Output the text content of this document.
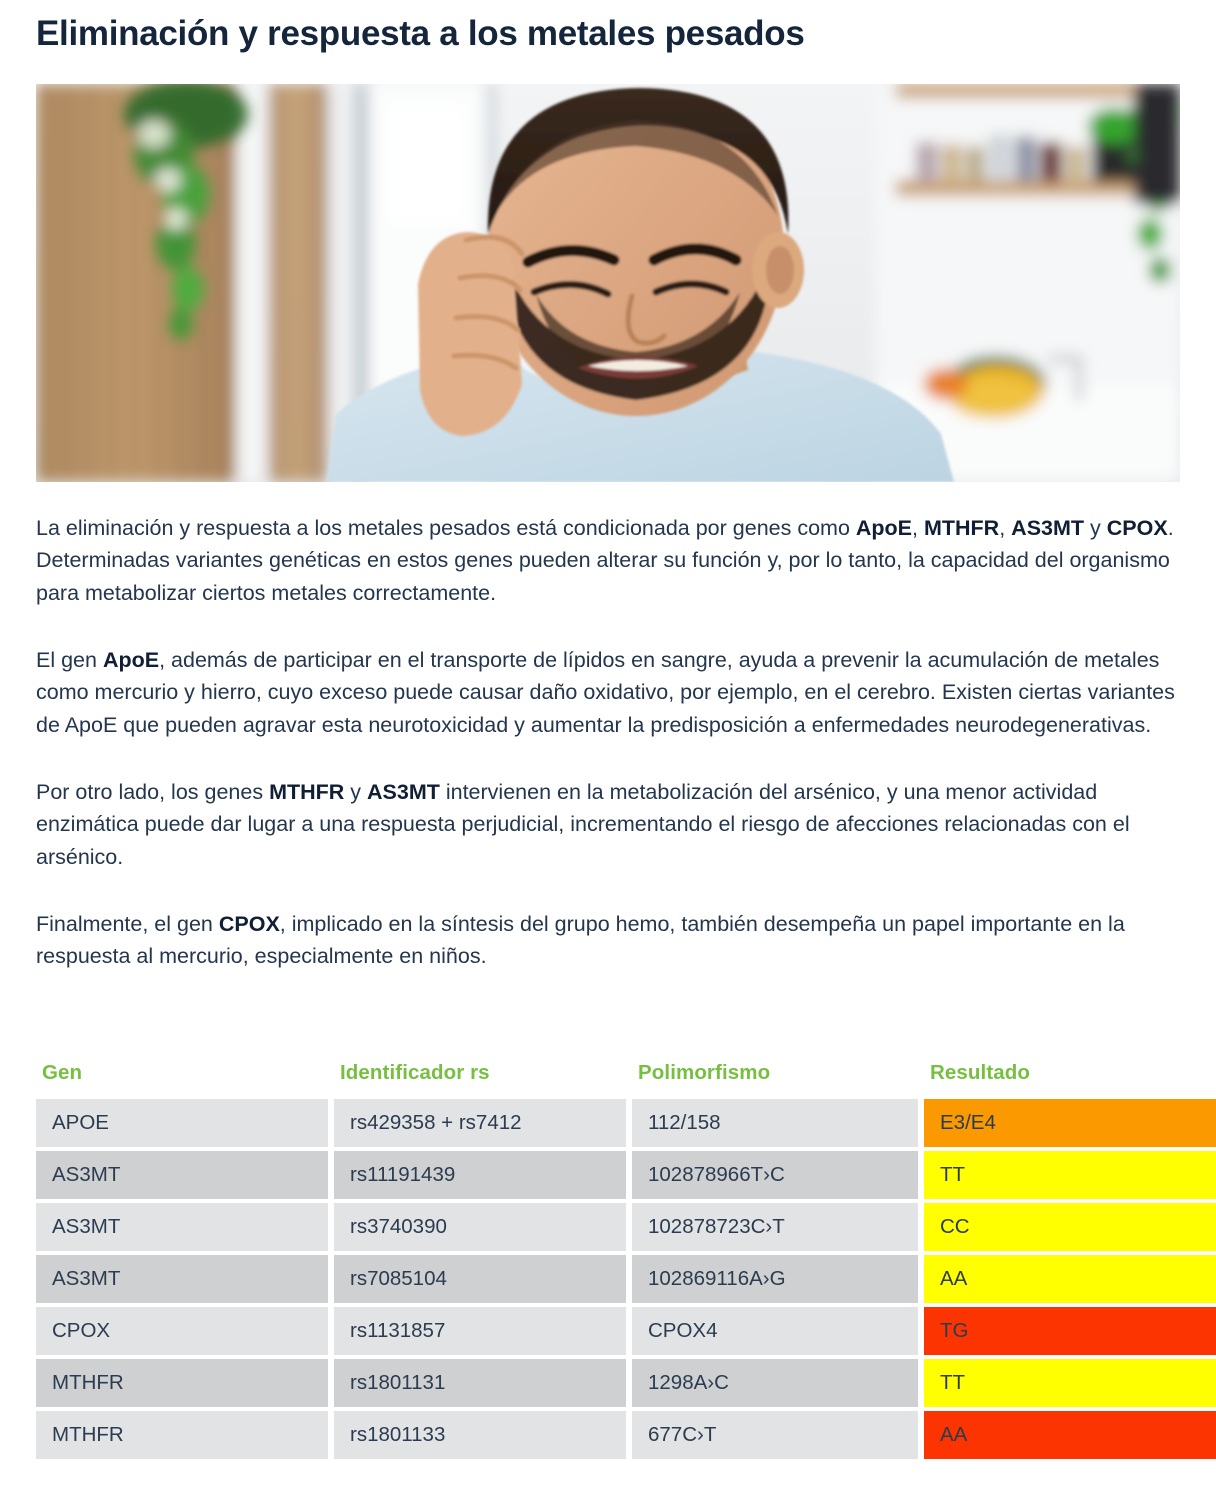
Eliminación y respuesta a los metales pesados

La eliminación y respuesta a los metales pesados está condicionada por genes como ApoE, MTHFR, AS3MT y CPOX. Determinadas variantes genéticas en estos genes pueden alterar su función y, por lo tanto, la capacidad del organismo para metabolizar ciertos metales correctamente.

El gen ApoE, además de participar en el transporte de lípidos en sangre, ayuda a prevenir la acumulación de metales como mercurio y hierro, cuyo exceso puede causar daño oxidativo, por ejemplo, en el cerebro. Existen ciertas variantes de ApoE que pueden agravar esta neurotoxicidad y aumentar la predisposición a enfermedades neurodegenerativas.

Por otro lado, los genes MTHFR y AS3MT intervienen en la metabolización del arsénico, y una menor actividad enzimática puede dar lugar a una respuesta perjudicial, incrementando el riesgo de afecciones relacionadas con el arsénico.

Finalmente, el gen CPOX, implicado en la síntesis del grupo hemo, también desempeña un papel importante en la respuesta al mercurio, especialmente en niños.

Gen	Identificador rs	Polimorfismo	Resultado
APOE	rs429358 + rs7412	112/158	E3/E4
AS3MT	rs11191439	102878966T›C	TT
AS3MT	rs3740390	102878723C›T	CC
AS3MT	rs7085104	102869116A›G	AA
CPOX	rs1131857	CPOX4	TG
MTHFR	rs1801131	1298A›C	TT
MTHFR	rs1801133	677C›T	AA
